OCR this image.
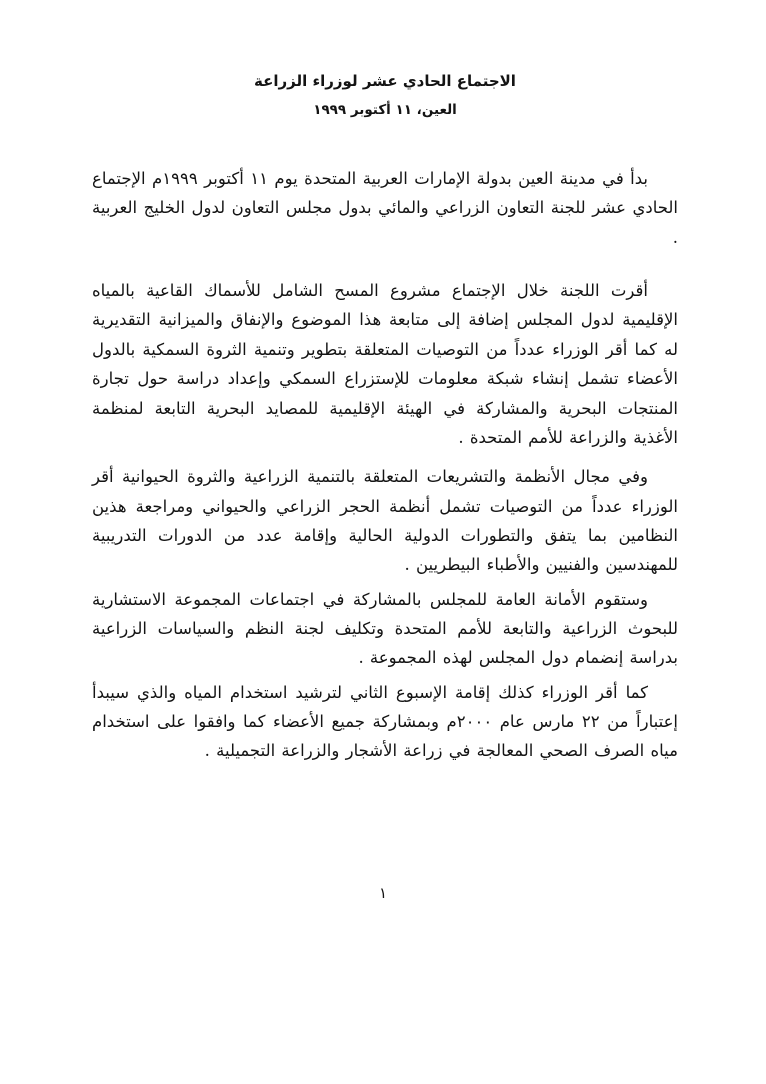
الاجتماع الحادي عشر لوزراء الزراعة
العين، ١١ أكتوبر ١٩٩٩

بدأ في مدينة العين بدولة الإمارات العربية المتحدة يوم ١١ أكتوبر ١٩٩٩م الإجتماع الحادي عشر للجنة التعاون الزراعي والمائي بدول مجلس التعاون لدول الخليج العربية .

أقرت اللجنة خلال الإجتماع مشروع المسح الشامل للأسماك القاعية بالمياه الإقليمية لدول المجلس إضافة إلى متابعة هذا الموضوع والإنفاق والميزانية التقديرية له كما أقر الوزراء عدداً من التوصيات المتعلقة بتطوير وتنمية الثروة السمكية بالدول الأعضاء تشمل إنشاء شبكة معلومات للإستزراع السمكي وإعداد دراسة حول تجارة المنتجات البحرية والمشاركة في الهيئة الإقليمية للمصايد البحرية التابعة لمنظمة الأغذية والزراعة للأمم المتحدة .

وفي مجال الأنظمة والتشريعات المتعلقة بالتنمية الزراعية والثروة الحيوانية أقر الوزراء عدداً من التوصيات تشمل أنظمة الحجر الزراعي والحيواني ومراجعة هذين النظامين بما يتفق والتطورات الدولية الحالية وإقامة عدد من الدورات التدريبية للمهندسين والفنيين والأطباء البيطريين .

وستقوم الأمانة العامة للمجلس بالمشاركة في اجتماعات المجموعة الاستشارية للبحوث الزراعية والتابعة للأمم المتحدة وتكليف لجنة النظم والسياسات الزراعية بدراسة إنضمام دول المجلس لهذه المجموعة .

كما أقر الوزراء كذلك إقامة الإسبوع الثاني لترشيد استخدام المياه والذي سيبدأ إعتباراً من ٢٢ مارس عام ٢٠٠٠م وبمشاركة جميع الأعضاء كما وافقوا على استخدام مياه الصرف الصحي المعالجة في زراعة الأشجار والزراعة التجميلية .

١
